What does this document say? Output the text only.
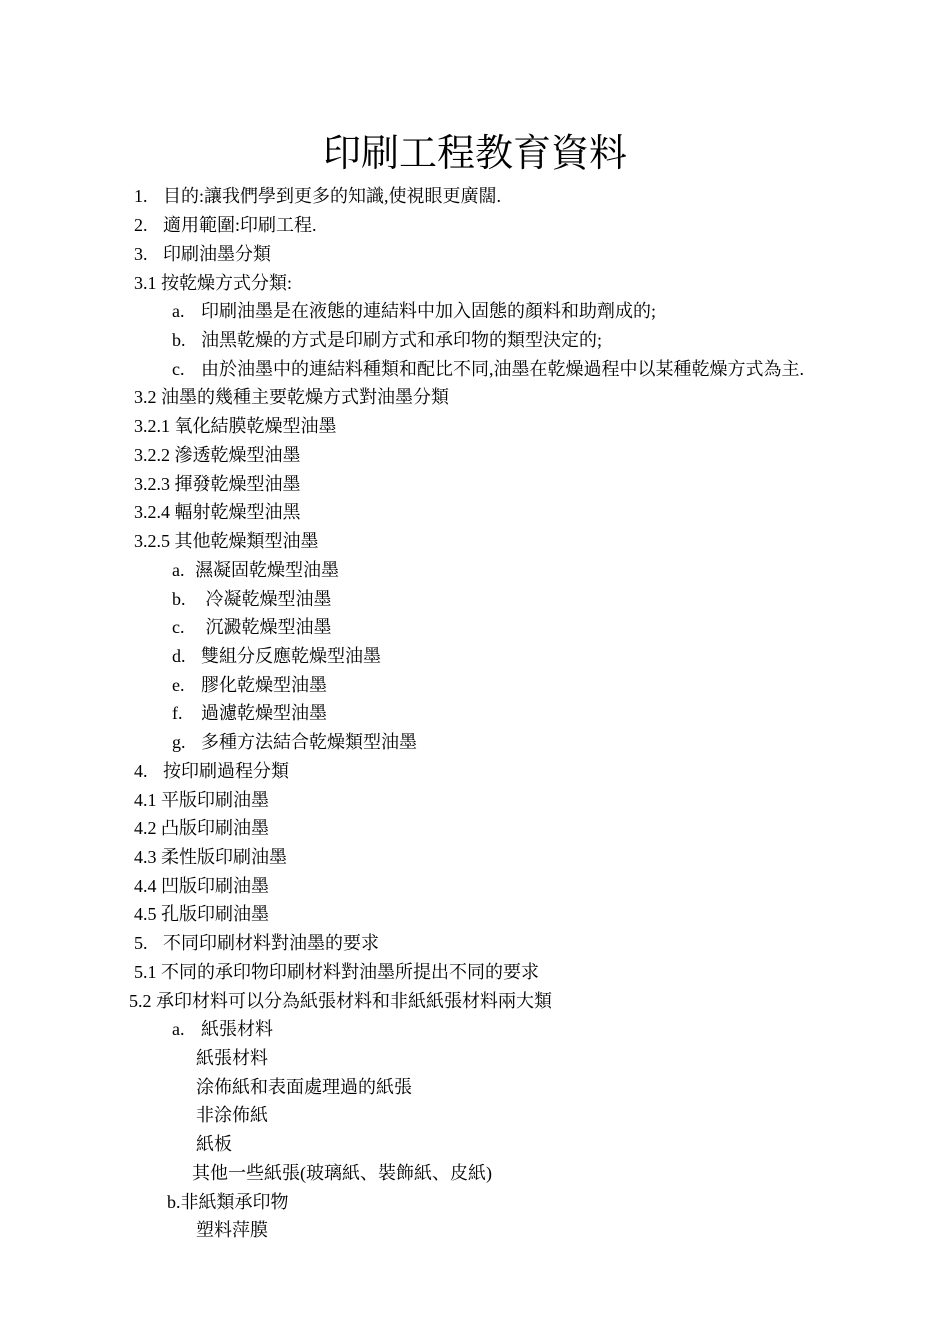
印刷工程教育資料
1. 目的:讓我們學到更多的知識,使視眼更廣闊.
2. 適用範圍:印刷工程.
3. 印刷油墨分類
3.1 按乾燥方式分類:
a. 印刷油墨是在液態的連結料中加入固態的顏料和助劑成的;
b. 油黑乾燥的方式是印刷方式和承印物的類型決定的;
c. 由於油墨中的連結料種類和配比不同,油墨在乾燥過程中以某種乾燥方式為主.
3.2 油墨的幾種主要乾燥方式對油墨分類
3.2.1 氧化結膜乾燥型油墨
3.2.2 滲透乾燥型油墨
3.2.3 揮發乾燥型油墨
3.2.4 輻射乾燥型油黑
3.2.5 其他乾燥類型油墨
a. 濕凝固乾燥型油墨
b. 冷凝乾燥型油墨
c. 沉澱乾燥型油墨
d. 雙組分反應乾燥型油墨
e. 膠化乾燥型油墨
f. 過濾乾燥型油墨
g. 多種方法結合乾燥類型油墨
4. 按印刷過程分類
4.1 平版印刷油墨
4.2 凸版印刷油墨
4.3 柔性版印刷油墨
4.4 凹版印刷油墨
4.5 孔版印刷油墨
5. 不同印刷材料對油墨的要求
5.1 不同的承印物印刷材料對油墨所提出不同的要求
5.2 承印材料可以分為紙張材料和非紙紙張材料兩大類
a. 紙張材料
紙張材料
涂佈紙和表面處理過的紙張
非涂佈紙
紙板
其他一些紙張(玻璃紙、裝飾紙、皮紙)
b.非紙類承印物
塑料萍膜
